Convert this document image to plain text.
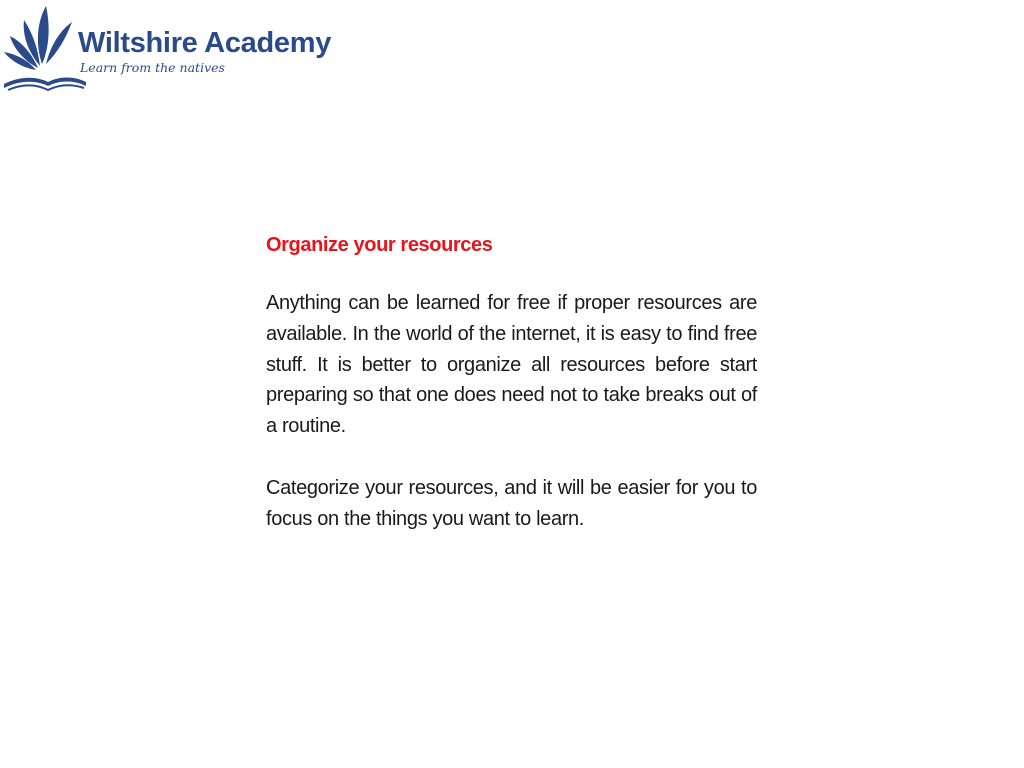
Wiltshire Academy
Learn from the natives
Organize your resources

Anything can be learned for free if proper resources are available. In the world of the internet, it is easy to find free stuff. It is better to organize all resources before start preparing so that one does need not to take breaks out of a routine.

Categorize your resources, and it will be easier for you to focus on the things you want to learn.
